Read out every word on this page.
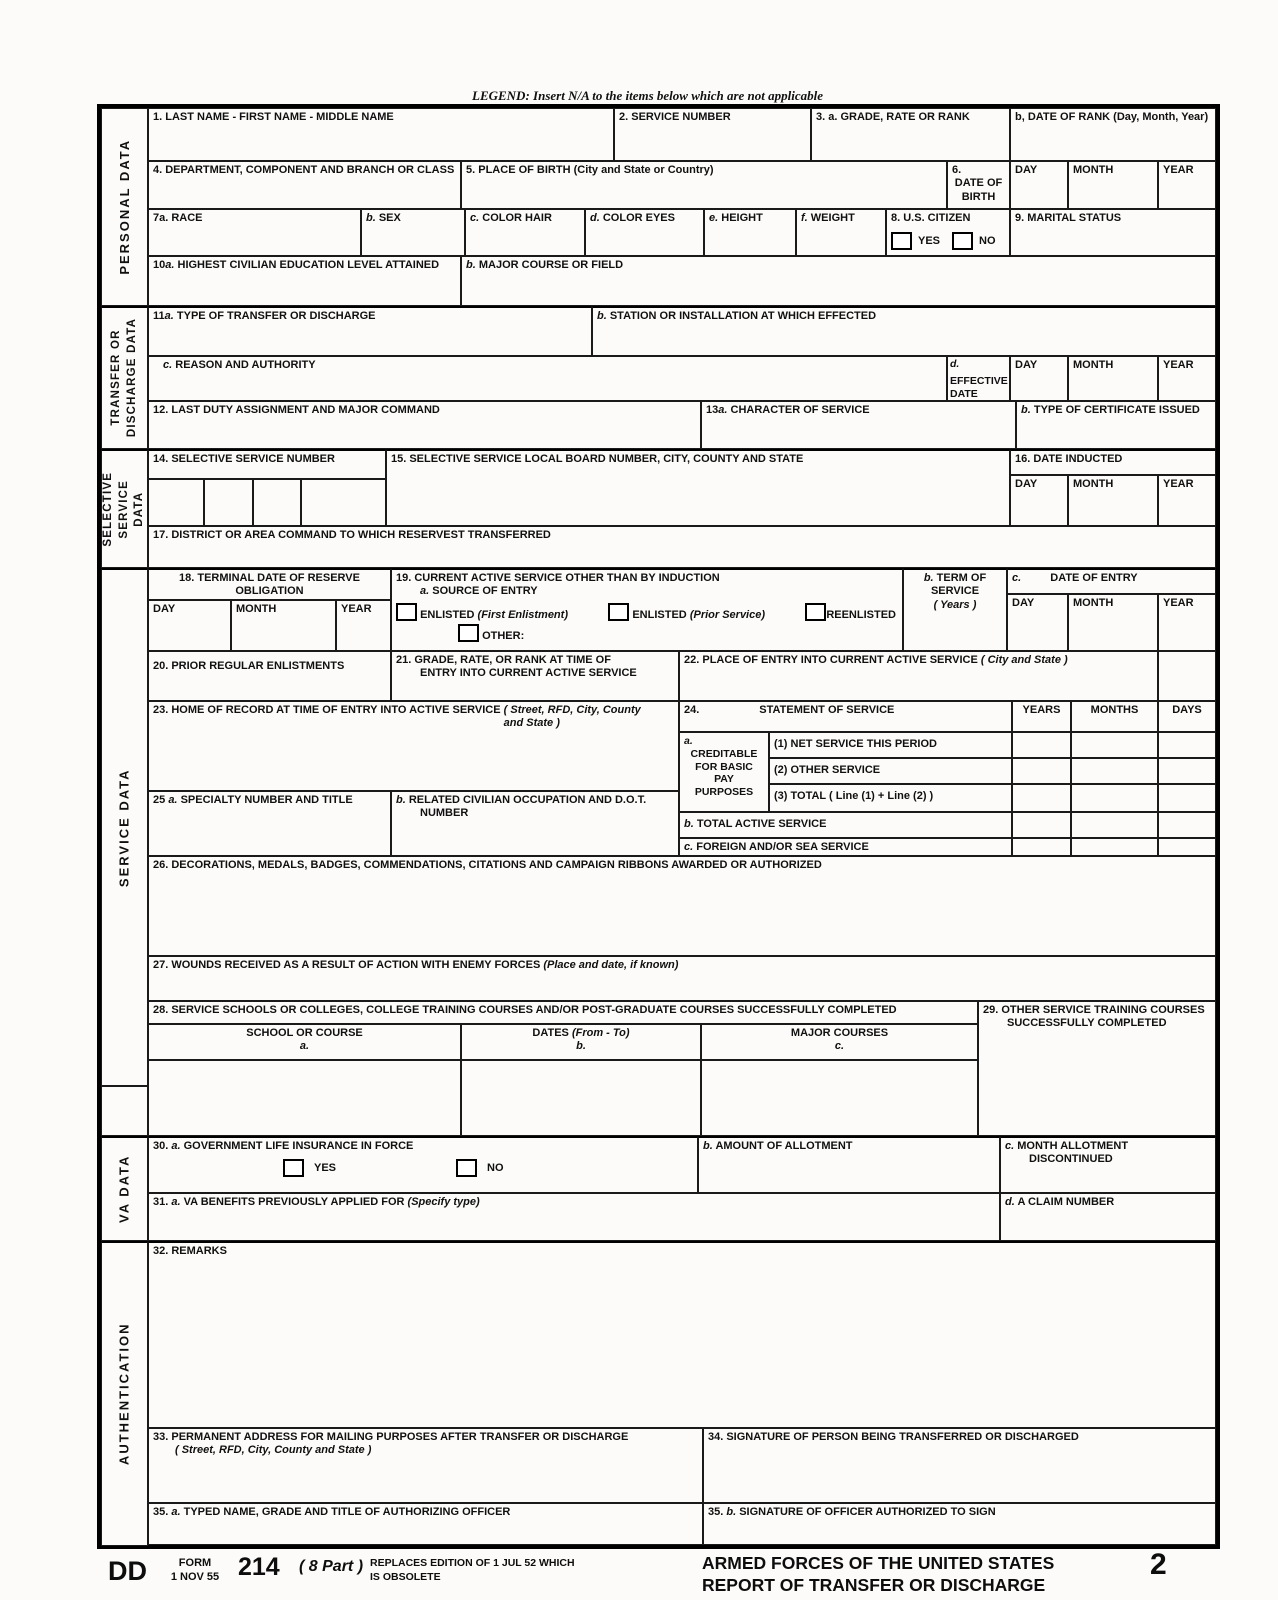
LEGEND: Insert N/A to the items below which are not applicable
PERSONAL DATA
TRANSFER OR
DISCHARGE DATA
SELECTIVE
SERVICE
DATA
SERVICE DATA
VA DATA
AUTHENTICATION
1. LAST NAME - FIRST NAME - MIDDLE NAME	2. SERVICE NUMBER	3. a. GRADE, RATE OR RANK	b, DATE OF RANK (Day, Month, Year)
4. DEPARTMENT, COMPONENT AND BRANCH OR CLASS	5. PLACE OF BIRTH (City and State or Country)	6.
DATE OF BIRTH
DAY	MONTH	YEAR
7a. RACE	b. SEX	c. COLOR HAIR	d. COLOR EYES	e. HEIGHT	f. WEIGHT	8. U.S. CITIZEN
YES	NO
9. MARITAL STATUS
10a. HIGHEST CIVILIAN EDUCATION LEVEL ATTAINED	b. MAJOR COURSE OR FIELD
11a. TYPE OF TRANSFER OR DISCHARGE	b. STATION OR INSTALLATION AT WHICH EFFECTED
c. REASON AND AUTHORITY	d.
EFFECTIVE DATE
DAY	MONTH	YEAR
12. LAST DUTY ASSIGNMENT AND MAJOR COMMAND	13a. CHARACTER OF SERVICE	b. TYPE OF CERTIFICATE ISSUED
14. SELECTIVE SERVICE NUMBER	15. SELECTIVE SERVICE LOCAL BOARD NUMBER, CITY, COUNTY AND STATE	16. DATE INDUCTED
DAY	MONTH	YEAR
17. DISTRICT OR AREA COMMAND TO WHICH RESERVEST TRANSFERRED
18. TERMINAL DATE OF RESERVE
OBLIGATION
DAY	MONTH	YEAR
19. CURRENT ACTIVE SERVICE OTHER THAN BY INDUCTION
a. SOURCE OF ENTRY
ENLISTED (First Enlistment)	ENLISTED (Prior Service)	REENLISTED
OTHER:
b. TERM OF SERVICE
( Years )
c.	DATE OF ENTRY
DAY	MONTH	YEAR
20. PRIOR REGULAR ENLISTMENTS	21. GRADE, RATE, OR RANK AT TIME OF
ENTRY INTO CURRENT ACTIVE SERVICE
22. PLACE OF ENTRY INTO CURRENT ACTIVE SERVICE ( City and State )
23. HOME OF RECORD AT TIME OF ENTRY INTO ACTIVE SERVICE ( Street, RFD, City, County and State )
25 a. SPECIALTY NUMBER AND TITLE	b. RELATED CIVILIAN OCCUPATION AND D.O.T. NUMBER
24.	STATEMENT OF SERVICE	YEARS	MONTHS	DAYS
a.
CREDITABLE FOR BASIC PAY PURPOSES
(1) NET SERVICE THIS PERIOD
(2) OTHER SERVICE
(3) TOTAL ( Line (1) + Line (2) )
b. TOTAL ACTIVE SERVICE
c. FOREIGN AND/OR SEA SERVICE
26. DECORATIONS, MEDALS, BADGES, COMMENDATIONS, CITATIONS AND CAMPAIGN RIBBONS AWARDED OR AUTHORIZED
27. WOUNDS RECEIVED AS A RESULT OF ACTION WITH ENEMY FORCES (Place and date, if known)
28. SERVICE SCHOOLS OR COLLEGES, COLLEGE TRAINING COURSES AND/OR POST-GRADUATE COURSES SUCCESSFULLY COMPLETED
SCHOOL OR COURSE
a.
DATES (From - To)
b.
MAJOR COURSES
c.
29. OTHER SERVICE TRAINING COURSES SUCCESSFULLY COMPLETED
30. a. GOVERNMENT LIFE INSURANCE IN FORCE
YES	NO
b. AMOUNT OF ALLOTMENT	c. MONTH ALLOTMENT DISCONTINUED
31. a. VA BENEFITS PREVIOUSLY APPLIED FOR (Specify type)	d. A CLAIM NUMBER
32. REMARKS
33. PERMANENT ADDRESS FOR MAILING PURPOSES AFTER TRANSFER OR DISCHARGE
( Street, RFD, City, County and State )
34. SIGNATURE OF PERSON BEING TRANSFERRED OR DISCHARGED
35. a. TYPED NAME, GRADE AND TITLE OF AUTHORIZING OFFICER	35. b. SIGNATURE OF OFFICER AUTHORIZED TO SIGN
DD	FORM
1 NOV 55 214 ( 8 Part ) REPLACES EDITION OF 1 JUL 52 WHICH
IS OBSOLETE
ARMED FORCES OF THE UNITED STATES
REPORT OF TRANSFER OR DISCHARGE
2
